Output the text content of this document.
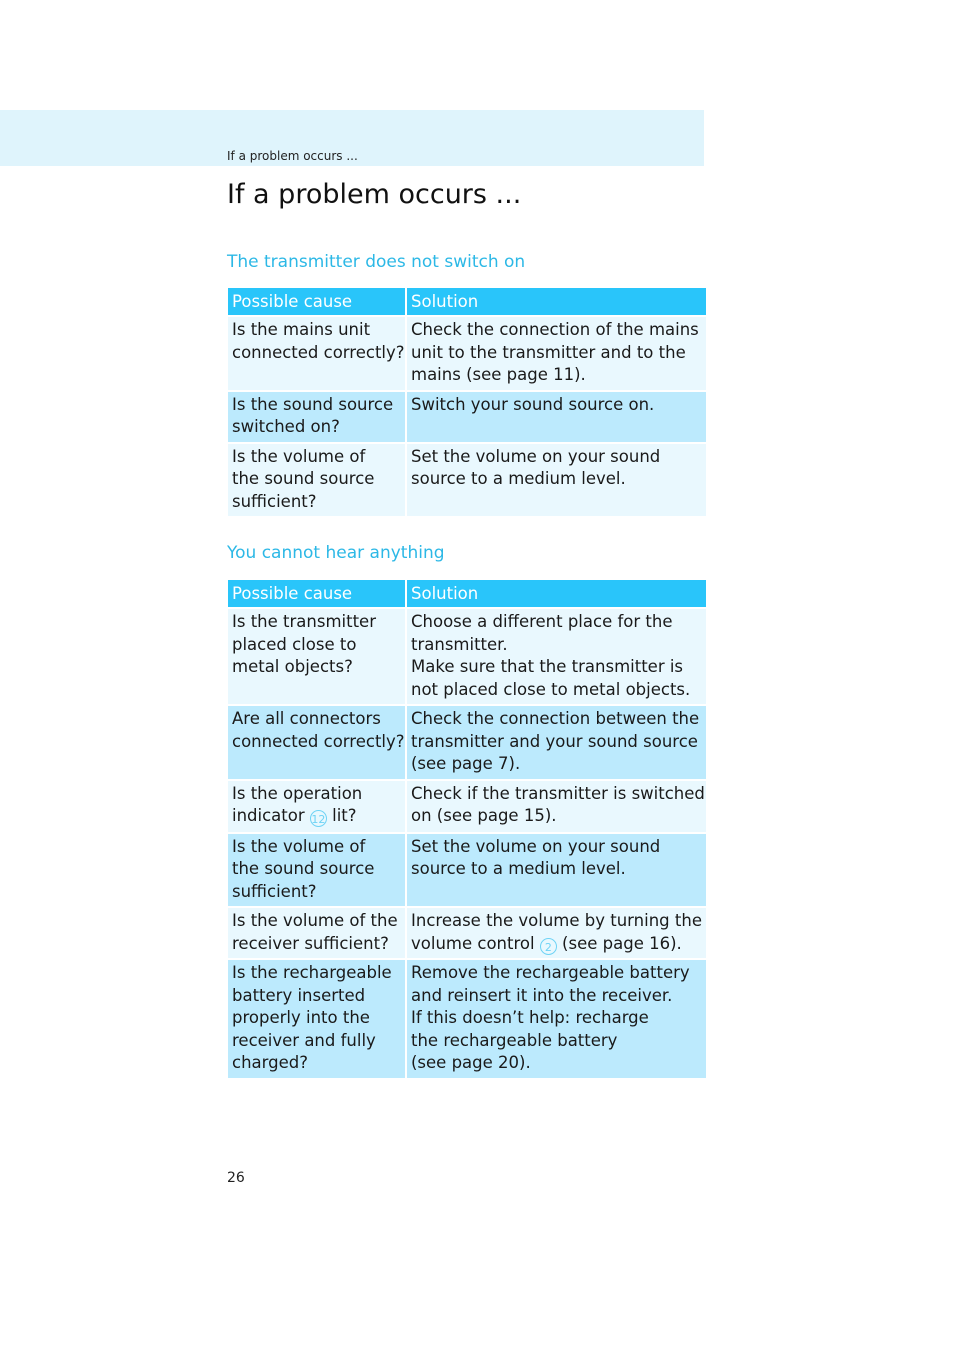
If a problem occurs ...
If a problem occurs ...
The transmitter does not switch on
Possible cause	Solution

Is the mains unit
connected correctly?	Check the connection of the mains
unit to the transmitter and to the
mains (see page 11).

Is the sound source
switched on?	Switch your sound source on.

Is the volume of
the sound source
sufficient?	Set the volume on your sound
source to a medium level.
You cannot hear anything
Possible cause	Solution

Is the transmitter
placed close to
metal objects?	Choose a different place for the
transmitter.
Make sure that the transmitter is
not placed close to metal objects.

Are all connectors
connected correctly?	Check the connection between the
transmitter and your sound source
(see page 7).

Is the operation
indicator 12 lit?	Check if the transmitter is switched
on (see page 15).

Is the volume of
the sound source
sufficient?	Set the volume on your sound
source to a medium level.

Is the volume of the
receiver sufficient?	Increase the volume by turning the
volume control 2 (see page 16).

Is the rechargeable
battery inserted
properly into the
receiver and fully
charged?	Remove the rechargeable battery
and reinsert it into the receiver.
If this doesn’t help: recharge
the rechargeable battery
(see page 20).
26
